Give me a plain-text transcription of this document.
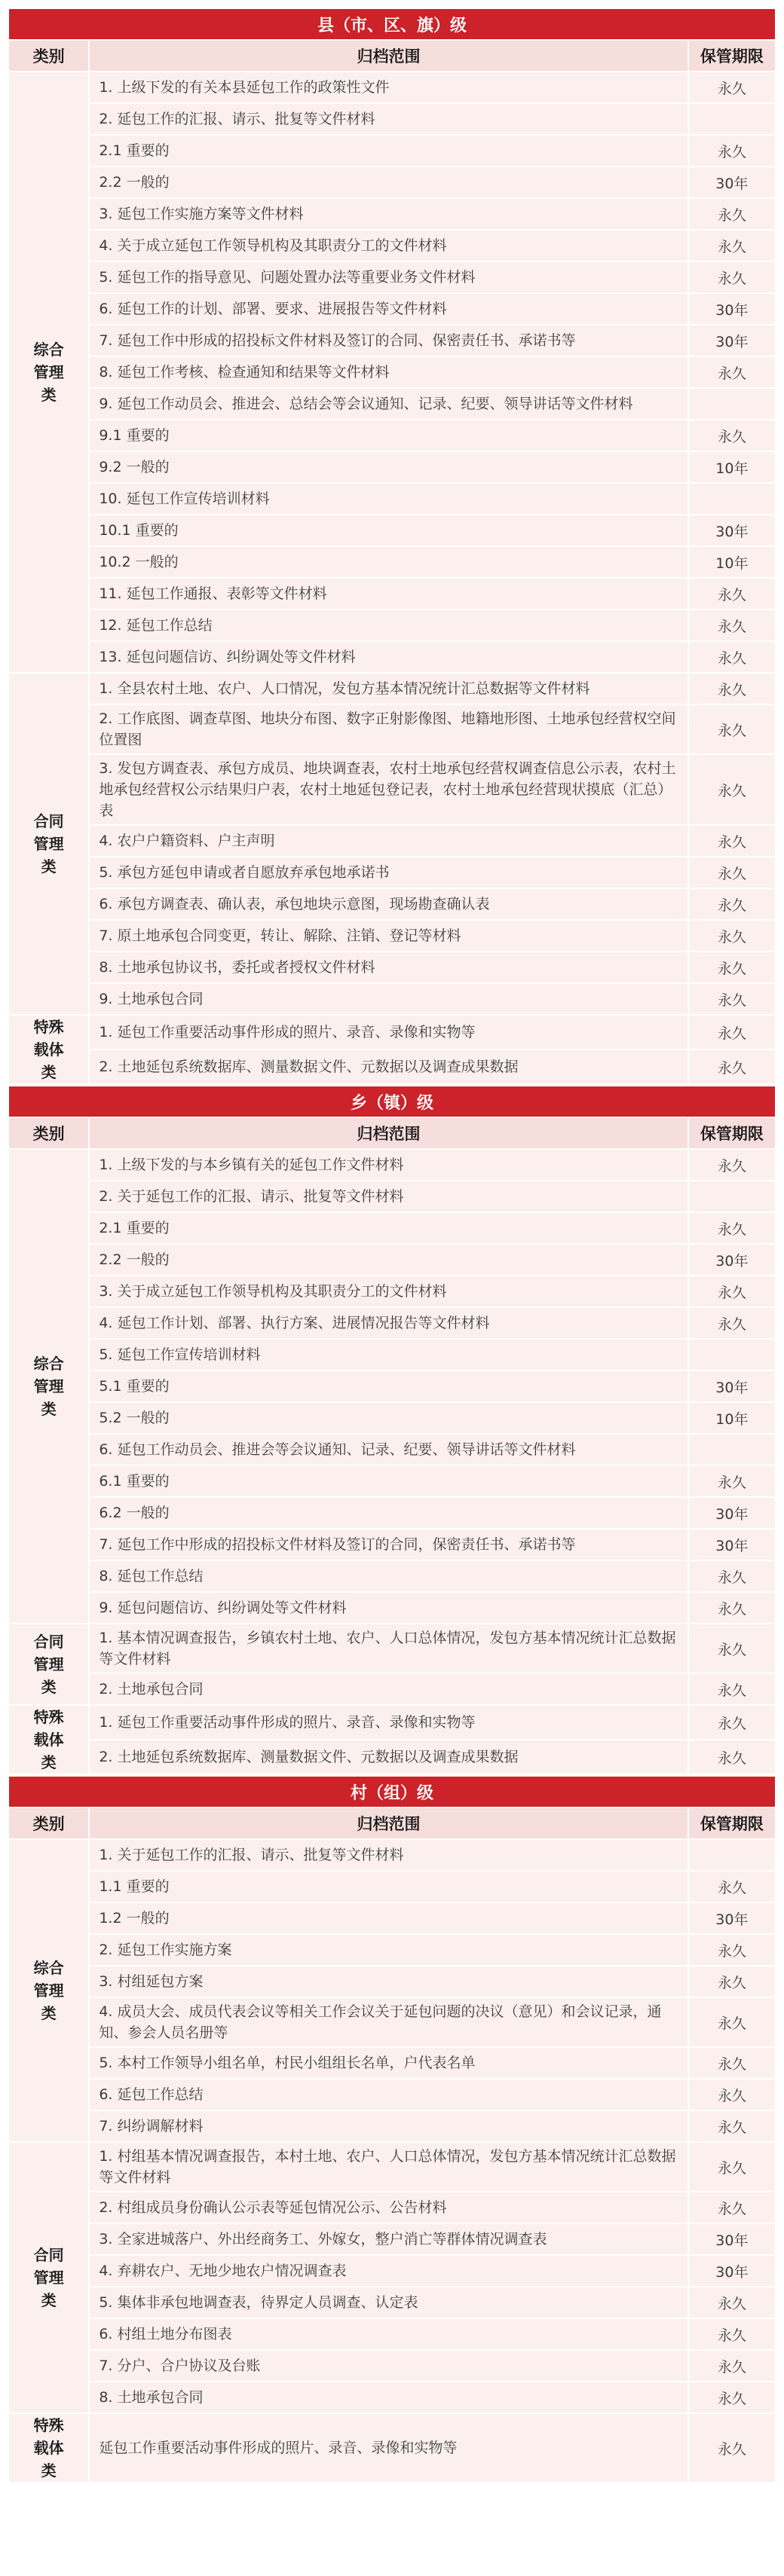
县（市、区、旗）级		
类别	归档范围	保管期限
综合管理类	1. 上级下发的有关本县延包工作的政策性文件	永久
	2. 延包工作的汇报、请示、批复等文件材料	
	2.1 重要的	永久
	2.2 一般的	30年
	3. 延包工作实施方案等文件材料	永久
	4. 关于成立延包工作领导机构及其职责分工的文件材料	永久
	5. 延包工作的指导意见、问题处置办法等重要业务文件材料	永久
	6. 延包工作的计划、部署、要求、进展报告等文件材料	30年
	7. 延包工作中形成的招投标文件材料及签订的合同、保密责任书、承诺书等	30年
	8. 延包工作考核、检查通知和结果等文件材料	永久
	9. 延包工作动员会、推进会、总结会等会议通知、记录、纪要、领导讲话等文件材料	
	9.1 重要的	永久
	9.2 一般的	10年
	10. 延包工作宣传培训材料	
	10.1 重要的	30年
	10.2 一般的	10年
	11. 延包工作通报、表彰等文件材料	永久
	12. 延包工作总结	永久
	13. 延包问题信访、纠纷调处等文件材料	永久
合同管理类	1. 全县农村土地、农户、人口情况，发包方基本情况统计汇总数据等文件材料	永久
	2. 工作底图、调查草图、地块分布图、数字正射影像图、地籍地形图、土地承包经营权空间位置图	永久
	3. 发包方调查表、承包方成员、地块调查表，农村土地承包经营权调查信息公示表，农村土地承包经营权公示结果归户表，农村土地延包登记表，农村土地承包经营现状摸底（汇总）表	永久
	4. 农户户籍资料、户主声明	永久
	5. 承包方延包申请或者自愿放弃承包地承诺书	永久
	6. 承包方调查表、确认表，承包地块示意图，现场勘查确认表	永久
	7. 原土地承包合同变更，转让、解除、注销、登记等材料	永久
	8. 土地承包协议书，委托或者授权文件材料	永久
	9. 土地承包合同	永久
特殊载体类	1. 延包工作重要活动事件形成的照片、录音、录像和实物等	永久
	2. 土地延包系统数据库、测量数据文件、元数据以及调查成果数据	永久
乡（镇）级		
类别	归档范围	保管期限
综合管理类	1. 上级下发的与本乡镇有关的延包工作文件材料	永久
	2. 关于延包工作的汇报、请示、批复等文件材料	
	2.1 重要的	永久
	2.2 一般的	30年
	3. 关于成立延包工作领导机构及其职责分工的文件材料	永久
	4. 延包工作计划、部署、执行方案、进展情况报告等文件材料	永久
	5. 延包工作宣传培训材料	
	5.1 重要的	30年
	5.2 一般的	10年
	6. 延包工作动员会、推进会等会议通知、记录、纪要、领导讲话等文件材料	
	6.1 重要的	永久
	6.2 一般的	30年
	7. 延包工作中形成的招投标文件材料及签订的合同，保密责任书、承诺书等	30年
	8. 延包工作总结	永久
	9. 延包问题信访、纠纷调处等文件材料	永久
合同管理类	1. 基本情况调查报告，乡镇农村土地、农户、人口总体情况，发包方基本情况统计汇总数据等文件材料	永久
	2. 土地承包合同	永久
特殊载体类	1. 延包工作重要活动事件形成的照片、录音、录像和实物等	永久
	2. 土地延包系统数据库、测量数据文件、元数据以及调查成果数据	永久
村（组）级		
类别	归档范围	保管期限
综合管理类	1. 关于延包工作的汇报、请示、批复等文件材料	
	1.1 重要的	永久
	1.2 一般的	30年
	2. 延包工作实施方案	永久
	3. 村组延包方案	永久
	4. 成员大会、成员代表会议等相关工作会议关于延包问题的决议（意见）和会议记录，通知、参会人员名册等	永久
	5. 本村工作领导小组名单，村民小组组长名单，户代表名单	永久
	6. 延包工作总结	永久
	7. 纠纷调解材料	永久
合同管理类	1. 村组基本情况调查报告，本村土地、农户、人口总体情况，发包方基本情况统计汇总数据等文件材料	永久
	2. 村组成员身份确认公示表等延包情况公示、公告材料	永久
	3. 全家进城落户、外出经商务工、外嫁女，整户消亡等群体情况调查表	30年
	4. 弃耕农户、无地少地农户情况调查表	30年
	5. 集体非承包地调查表，待界定人员调查、认定表	永久
	6. 村组土地分布图表	永久
	7. 分户、合户协议及台账	永久
	8. 土地承包合同	永久
特殊载体类	延包工作重要活动事件形成的照片、录音、录像和实物等	永久
